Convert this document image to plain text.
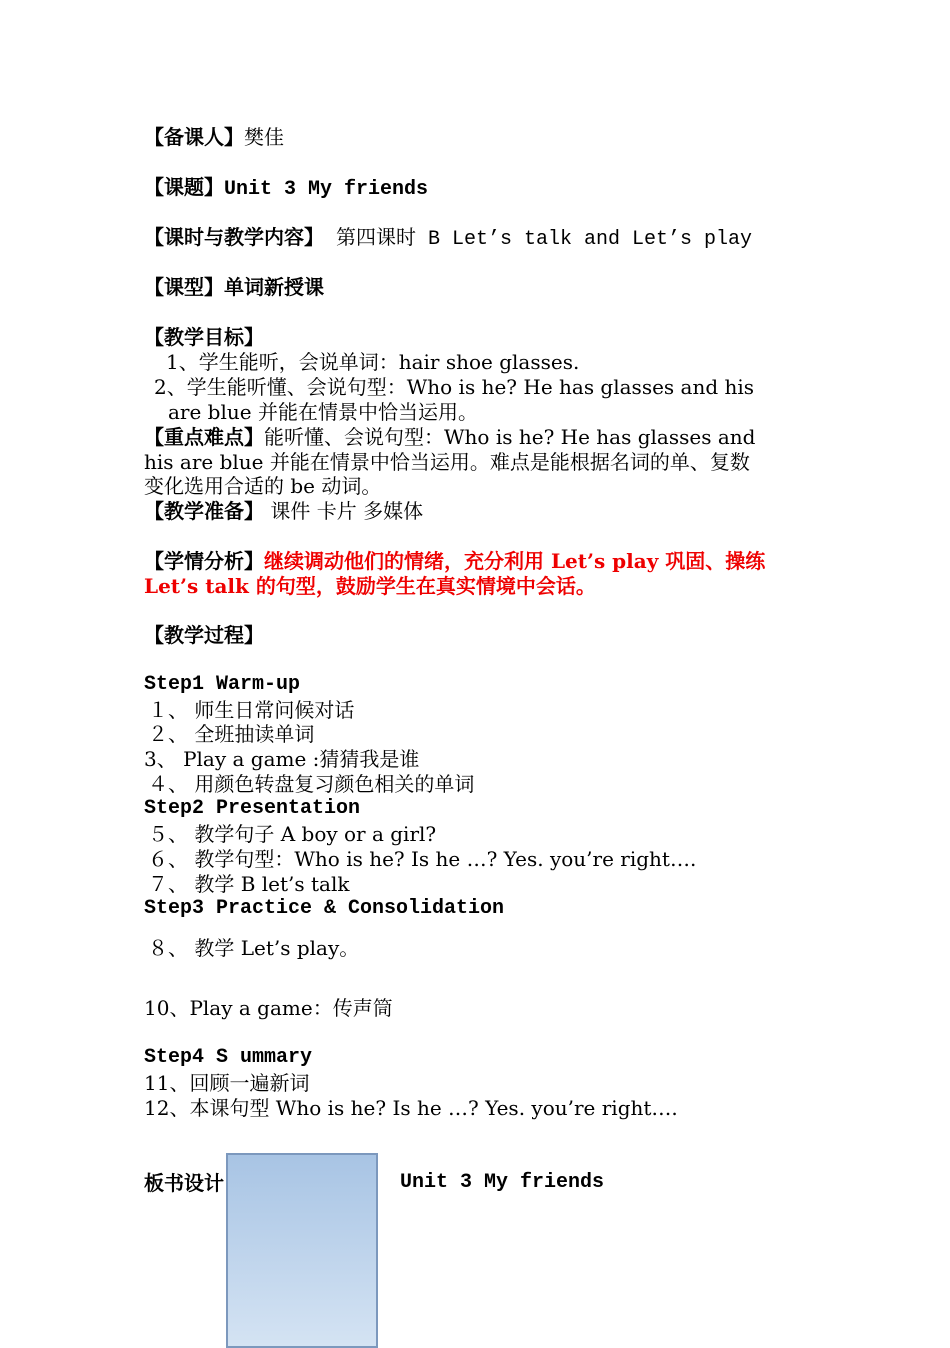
【备课人】樊佳
【课题】Unit 3 My friends
【课时与教学内容】 第四课时 B Let’s talk and Let’s play
【课型】单词新授课
【教学目标】
1、学生能听，会说单词：hair shoe glasses.
2、学生能听懂、会说句型：Who is he? He has glasses and his
are blue 并能在情景中恰当运用。
【重点难点】能听懂、会说句型：Who is he? He has glasses and
his are blue 并能在情景中恰当运用。难点是能根据名词的单、复数
变化选用合适的 be 动词。
【教学准备】 课件 卡片 多媒体
【学情分析】继续调动他们的情绪，充分利用 Let’s play 巩固、操练
Let’s talk 的句型，鼓励学生在真实情境中会话。
【教学过程】
Step1 Warm-up
１、 师生日常问候对话
２、 全班抽读单词
3、 Play a game :猜猜我是谁
４、 用颜色转盘复习颜色相关的单词
Step2 Presentation
５、 教学句子 A boy or a girl?
６、 教学句型：Who is he? Is he …? Yes. you’re right….
７、 教学 B let’s talk
Step3 Practice & Consolidation
８、 教学 Let’s play。
10、Play a game：传声筒
Step4 S ummary
11、回顾一遍新词
12、本课句型 Who is he? Is he …? Yes. you’re right….
板书设计	Unit 3 My friends
